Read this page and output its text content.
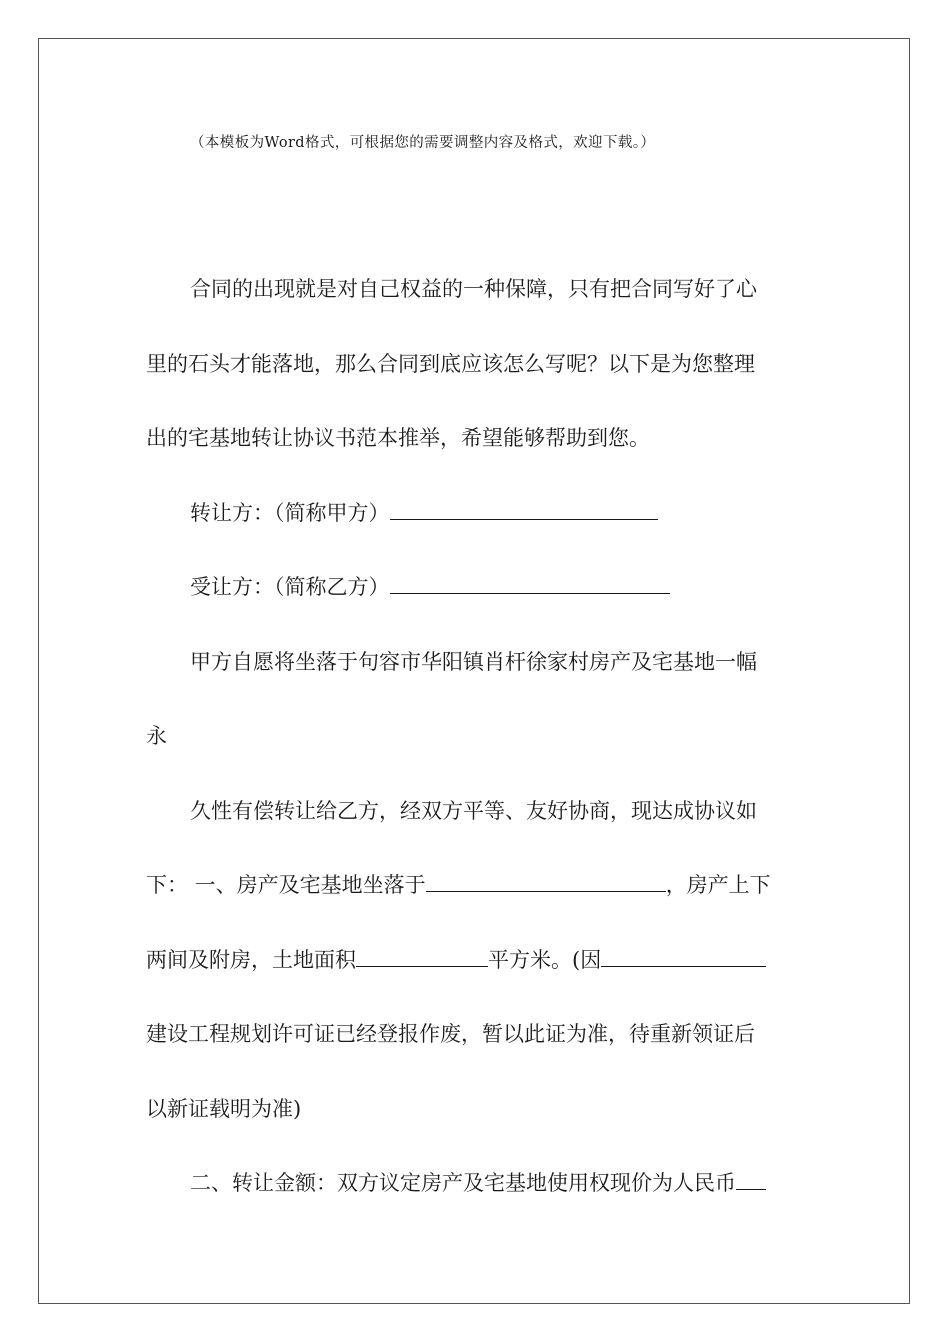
（本模板为Word格式，可根据您的需要调整内容及格式，欢迎下载。）
合同的出现就是对自己权益的一种保障，只有把合同写好了心
里的石头才能落地，那么合同到底应该怎么写呢？以下是为您整理
出的宅基地转让协议书范本推举，希望能够帮助到您。
转让方：（简称甲方）
受让方：（简称乙方）
甲方自愿将坐落于句容市华阳镇肖杆徐家村房产及宅基地一幅
永
久性有偿转让给乙方，经双方平等、友好协商，现达成协议如
下： 一、房产及宅基地坐落于	，房产上下
两间及附房，土地面积	平方米。(因
建设工程规划许可证已经登报作废，暂以此证为准，待重新领证后
以新证载明为准)
二、转让金额：双方议定房产及宅基地使用权现价为人民币
